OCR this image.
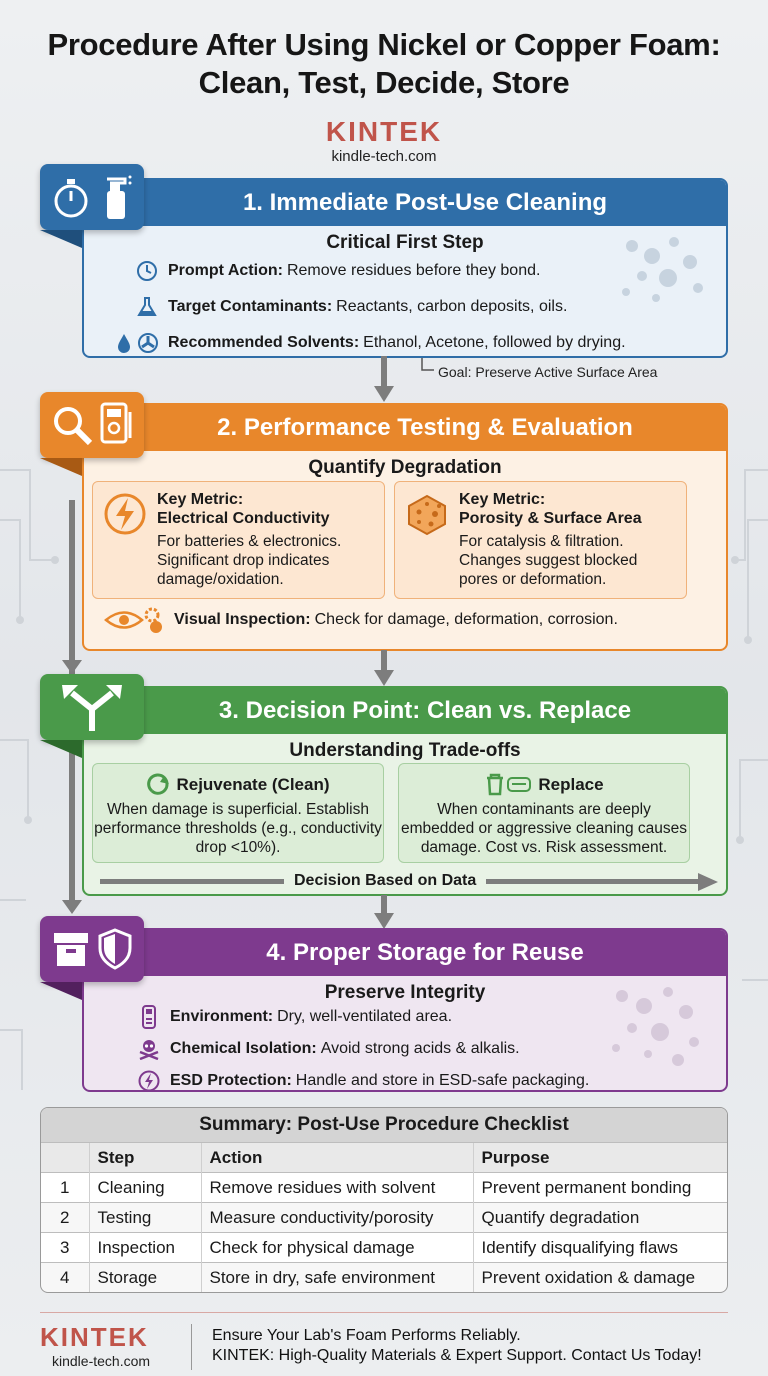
Procedure After Using Nickel or Copper Foam:
Clean, Test, Decide, Store
KINTEK
kindle-tech.com
1. Immediate Post-Use Cleaning
Critical First Step
Prompt Action: Remove residues before they bond.
Target Contaminants: Reactants, carbon deposits, oils.
Recommended Solvents: Ethanol, Acetone, followed by drying.
Goal: Preserve Active Surface Area
2. Performance Testing & Evaluation
Quantify Degradation
Key Metric:
Electrical Conductivity
For batteries & electronics. Significant drop indicates damage/oxidation.
Key Metric:
Porosity & Surface Area
For catalysis & filtration. Changes suggest blocked pores or deformation.
Visual Inspection: Check for damage, deformation, corrosion.
3. Decision Point: Clean vs. Replace
Understanding Trade-offs
Rejuvenate (Clean)
When damage is superficial. Establish performance thresholds (e.g., conductivity drop <10%).
Replace
When contaminants are deeply embedded or aggressive cleaning causes damage. Cost vs. Risk assessment.
Decision Based on Data
4. Proper Storage for Reuse
Preserve Integrity
Environment: Dry, well-ventilated area.
Chemical Isolation: Avoid strong acids & alkalis.
ESD Protection: Handle and store in ESD-safe packaging.
Summary: Post-Use Procedure Checklist
	Step	Action	Purpose
1	Cleaning	Remove residues with solvent	Prevent permanent bonding
2	Testing	Measure conductivity/porosity	Quantify degradation
3	Inspection	Check for physical damage	Identify disqualifying flaws
4	Storage	Store in dry, safe environment	Prevent oxidation & damage
KINTEK
kindle-tech.com
Ensure Your Lab's Foam Performs Reliably.
KINTEK: High-Quality Materials & Expert Support. Contact Us Today!
